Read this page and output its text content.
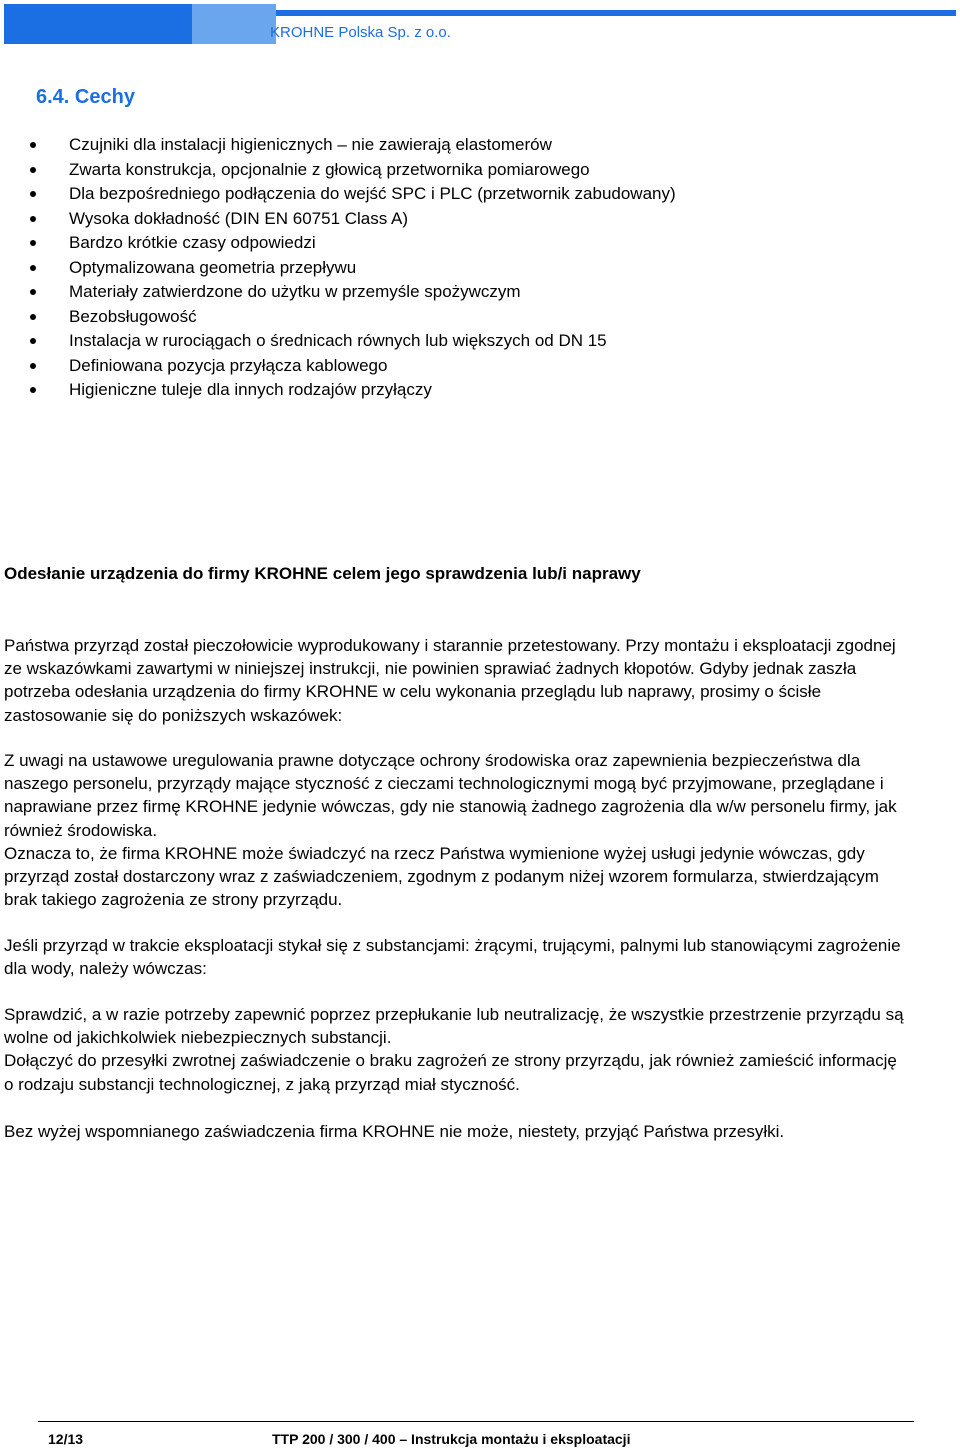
KROHNE Polska Sp. z o.o.
6.4. Cechy
Czujniki dla instalacji higienicznych – nie zawierają elastomerów
Zwarta konstrukcja, opcjonalnie z głowicą przetwornika pomiarowego
Dla bezpośredniego podłączenia do wejść SPC i PLC (przetwornik zabudowany)
Wysoka dokładność (DIN EN 60751 Class A)
Bardzo krótkie czasy odpowiedzi
Optymalizowana geometria przepływu
Materiały zatwierdzone do użytku w przemyśle spożywczym
Bezobsługowość
Instalacja w rurociągach o średnicach równych lub większych od DN 15
Definiowana pozycja przyłącza kablowego
Higieniczne tuleje dla innych rodzajów przyłączy
Odesłanie urządzenia do firmy KROHNE celem jego sprawdzenia lub/i naprawy
Państwa przyrząd został pieczołowicie wyprodukowany i starannie przetestowany. Przy montażu i eksploatacji zgodnej ze wskazówkami zawartymi w niniejszej instrukcji, nie powinien sprawiać żadnych kłopotów. Gdyby jednak zaszła potrzeba odesłania urządzenia do firmy KROHNE w celu wykonania przeglądu lub naprawy, prosimy o ścisłe zastosowanie się do poniższych wskazówek:
Z uwagi na ustawowe uregulowania prawne dotyczące ochrony środowiska oraz zapewnienia bezpieczeństwa dla naszego personelu, przyrządy mające styczność z cieczami technologicznymi mogą być przyjmowane, przeglądane i naprawiane przez firmę KROHNE jedynie wówczas, gdy nie stanowią żadnego zagrożenia dla w/w personelu firmy, jak również środowiska.
Oznacza to, że firma KROHNE może świadczyć na rzecz Państwa wymienione wyżej usługi jedynie wówczas, gdy przyrząd został dostarczony wraz z zaświadczeniem, zgodnym z podanym niżej wzorem formularza, stwierdzającym brak takiego zagrożenia ze strony przyrządu.
Jeśli przyrząd w trakcie eksploatacji stykał się z substancjami: żrącymi, trującymi, palnymi lub stanowiącymi zagrożenie dla wody, należy wówczas:
Sprawdzić, a w razie potrzeby zapewnić poprzez przepłukanie lub neutralizację, że wszystkie przestrzenie przyrządu są wolne od jakichkolwiek niebezpiecznych substancji.
Dołączyć do przesyłki zwrotnej zaświadczenie o braku zagrożeń ze strony przyrządu, jak również zamieścić informację o rodzaju substancji technologicznej, z jaką przyrząd miał styczność.
Bez wyżej wspomnianego zaświadczenia firma KROHNE nie może, niestety, przyjąć Państwa przesyłki.
12/13	TTP 200 / 300 / 400 – Instrukcja montażu i eksploatacji
